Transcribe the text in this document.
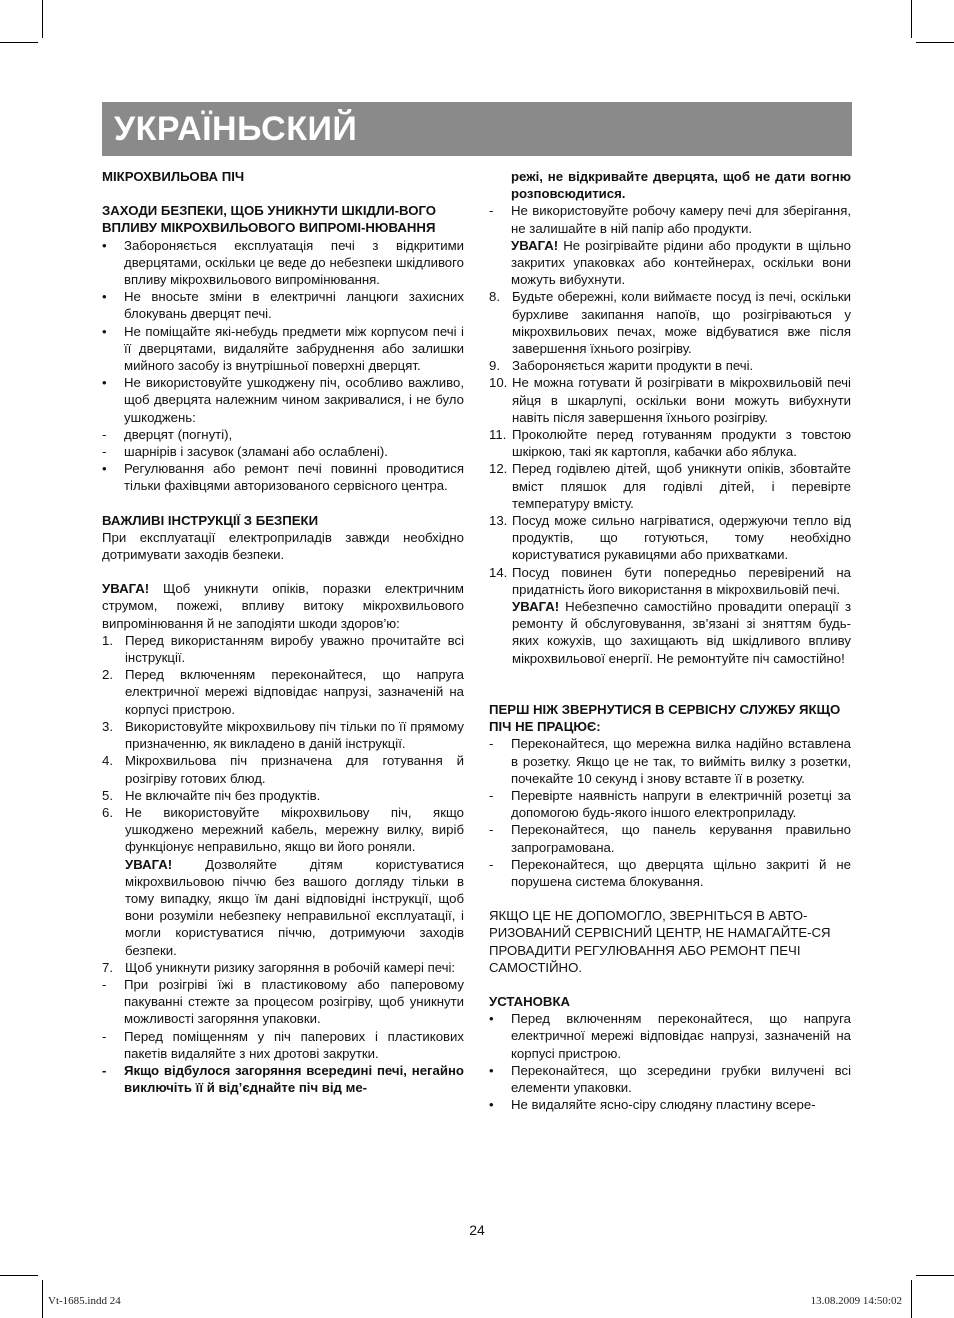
УКРАЇНЬСКИЙ

МІКРОХВИЛЬОВА ПІЧ

ЗАХОДИ БЕЗПЕКИ, ЩОБ УНИКНУТИ ШКІДЛИ-ВОГО ВПЛИВУ МІКРОХВИЛЬОВОГО ВИПРОМІ-НЮВАННЯ

•	Забороняється експлуатація печі з відкритими дверцятами, оскільки це веде до небезпеки шкідливого впливу мікрохвильового випромінювання.
•	Не вносьте зміни в електричні ланцюги захисних блокувань дверцят печі.
•	Не поміщайте які-небудь предмети між корпусом печі і її дверцятами, видаляйте забруднення або залишки мийного засобу із внутрішньої поверхні дверцят.
•	Не використовуйте ушкоджену піч, особливо важливо, щоб дверцята належним чином закривалися, і не було ушкоджень:
-	дверцят (погнуті),
-	шарнірів і засувок (зламані або ослаблені).
•	Регулювання або ремонт печі повинні проводитися тільки фахівцями авторизованого сервісного центра.

ВАЖЛИВІ ІНСТРУКЦІЇ З БЕЗПЕКИ

При експлуатації електроприладів завжди необхідно дотримувати заходів безпеки.

УВАГА! Щоб уникнути опіків, поразки електричним струмом, пожежі, впливу витоку мікрохвильового випромінювання й не заподіяти шкоди здоров’ю:

1. Перед використанням виробу уважно прочитайте всі інструкції.
2. Перед включенням переконайтеся, що напруга електричної мережі відповідає напрузі, зазначеній на корпусі пристрою.
3. Використовуйте мікрохвильову піч тільки по її прямому призначенню, як викладено в даній інструкції.
4. Мікрохвильова піч призначена для готування й розігріву готових блюд.
5. Не включайте піч без продуктів.
6. Не використовуйте мікрохвильову піч, якщо ушкоджено мережний кабель, мережну вилку, виріб функціонує неправильно, якщо ви його роняли.
УВАГА! Дозволяйте дітям користуватися мікрохвильовою піччю без вашого догляду тільки в тому випадку, якщо їм дані відповідні інструкції, щоб вони розуміли небезпеку неправильної експлуатації, і могли користуватися піччю, дотримуючи заходів безпеки.
7. Щоб уникнути ризику загоряння в робочій камері печі:
-	При розігріві їжі в пластиковому або паперовому пакуванні стежте за процесом розігріву, щоб уникнути можливості загоряння упаковки.
-	Перед поміщенням у піч паперових і пластикових пакетів видаляйте з них дротові закрутки.
-	Якщо відбулося загоряння всередині печі, негайно виключіть її й від’єднайте піч від ме-
режі, не відкривайте дверцята, щоб не дати вогню розповсюдитися.
-	Не використовуйте робочу камеру печі для зберігання, не залишайте в ній папір або продукти.
УВАГА! Не розігрівайте рідини або продукти в щільно закритих упаковках або контейнерах, оскільки вони можуть вибухнути.
8. Будьте обережні, коли виймаєте посуд із печі, оскільки бурхливе закипання напоїв, що розігріваються у мікрохвильових печах, може відбуватися вже після завершення їхнього розігріву.
9. Забороняється жарити продукти в печі.
10. Не можна готувати й розігрівати в мікрохвильовій печі яйця в шкарлупі, оскільки вони можуть вибухнути навіть після завершення їхнього розігріву.
11. Проколюйте перед готуванням продукти з товстою шкіркою, такі як картопля, кабачки або яблука.
12. Перед годівлею дітей, щоб уникнути опіків, збовтайте вміст пляшок для годівлі дітей, і перевірте температуру вмісту.
13. Посуд може сильно нагріватися, одержуючи тепло від продуктів, що готуються, тому необхідно користуватися рукавицями або прихватками.
14. Посуд повинен бути попередньо перевірений на придатність його використання в мікрохвильовій печі.
УВАГА! Небезпечно самостійно провадити операції з ремонту й обслуговування, зв’язані зі зняттям будь-яких кожухів, що захищають від шкідливого впливу мікрохвильової енергії. Не ремонтуйте піч самостійно!

ПЕРШ НІЖ ЗВЕРНУТИСЯ В СЕРВІСНУ СЛУЖБУ ЯКЩО ПІЧ НЕ ПРАЦЮЄ:

-	Переконайтеся, що мережна вилка надійно вставлена в розетку. Якщо це не так, то вийміть вилку з розетки, почекайте 10 секунд і знову вставте її в розетку.
-	Перевірте наявність напруги в електричній розетці за допомогою будь-якого іншого електроприладу.
-	Переконайтеся, що панель керування правильно запрограмована.
-	Переконайтеся, що дверцята щільно закриті й не порушена система блокування.

ЯКЩО ЦЕ НЕ ДОПОМОГЛО, ЗВЕРНІТЬСЯ В АВТО-РИЗОВАНИЙ СЕРВІСНИЙ ЦЕНТР, НЕ НАМАГАЙТЕ-СЯ ПРОВАДИТИ РЕГУЛЮВАННЯ АБО РЕМОНТ ПЕЧІ САМОСТІЙНО.

УСТАНОВКА

•	Перед включенням переконайтеся, що напруга електричної мережі відповідає напрузі, зазначеній на корпусі пристрою.
•	Переконайтеся, що зсередини грубки вилучені всі елементи упаковки.
•	Не видаляйте ясно-сіру слюдяну пластину всере-
24
Vt-1685.indd 24	13.08.2009 14:50:02
